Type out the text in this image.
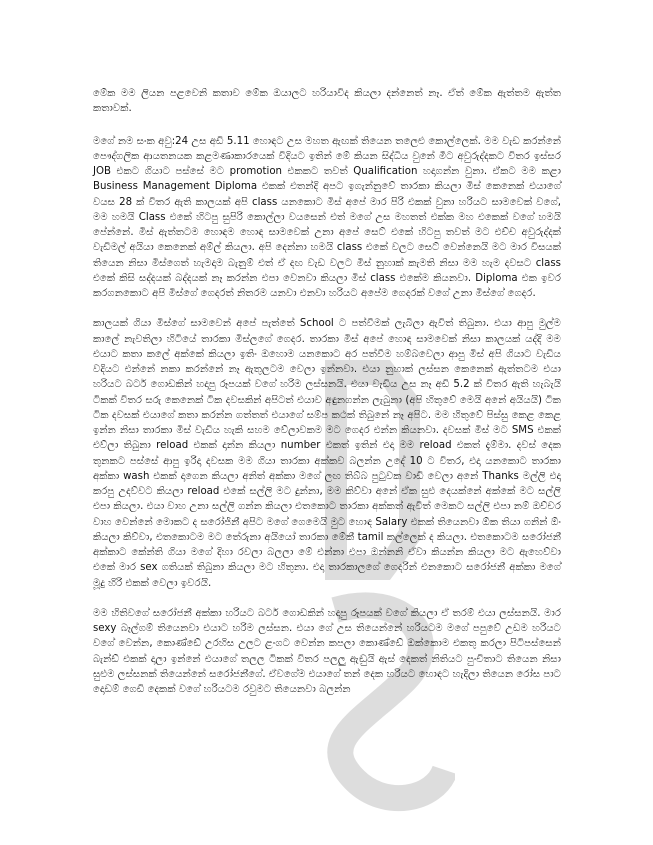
මේක මම ලියන පළවෙනි කතාව මේක ඔයාලට හරියාවිද කියලා දන්නෙත් නෑ. ඒත් මේක ඇත්තම ඇත්ත කතාවක්.

මගේ නම සංක අවු:24 උස අඩි 5.11 හොඳට උස මහත ඇඟක් තියෙන තලෙළු කොල්ලෙක්. මම වැඩ කරන්නේ පෞද්ගලික ආයතනයක කළමණාකාරයෙක් විදියට ඉතින් මේ කියන සිද්ධිය වුනේ මීට අවුරුද්දකට විතර ඉස්සර JOB එකට ගියාට පස්සේ මට promotion එකකට තවත් Qualification හදාගන්න වුනා. ඒකට මම කළා Business Management Diploma එකක් එතන්දි අපට ඉගැන්නුවේ තාරකා කියලා මිස් කෙනෙක් එයාගේ වයස 28 ක් විතර ඇති කාලයක් අපි class යනකොට මිස් අපේ මාර පිරි එකක් වුනා හරියට සාමවෙක් වගේ, මම හමයි Class එකේ හිටපු සුපිරි කොල්ලා වයසෙන් එත් මගේ උස මහතත් එක්ක මහ එකෙක් වගේ හමයි පේන්නේ. මිස් ඇත්තටම හොඳම හොඳ සාමවෙක් උනා අපේ සෙට් එකේ හිටපු තවත් මට එච්ච අවුරුද්දක් වැඩිමල් අයියා කෙනෙක් අම්ල් කියලා. අපි දෙන්නා හමයි class එකේ වලට සෙට් වෙන්නෙයි මට මාර විසයක් තියෙන නිසා මිස්ගෙත් හැමදාම බැනුම් එත් ඒ දඟ වැඩ වලට මිස් නුහාක් කැමති නිසා මම හැම දවසට class එකේ කිසි සද්දයක් බද්දයක් නෑ කරන්න එපා වෙනවා කියලා මිස් class එකේම කියනවා. Diploma එක ඉවර කරගනකොට අපි මිස්ගේ ගෙදරත් නිතරම යනවා එනවා හරියට අපේම ගෙදරක් වගේ උනා මිස්ගේ ගෙදර.

කාලයක් ගියා මිස්ගේ සාමවෙන් අපේ පැත්තේ School ට පත්වීමක් ලැබිලා ඇවිත් තිබුනා. එයා ආපු මුල්ම කාලේ නැවතිලා හිටියේ තාරකා මිස්ලගේ ගෙදර. තාරකා මිස් අපේ හොඳ සාමවෙක් නිසා කාලයක් යද්දි මම එයාට කතා කලේ අක්කේ කියලා ඉතිං ඔහොම යනකොට අර පත්වීම හම්බවෙලා ආපු මිස් අපි ගියාට වැඩිය වදියට එන්නේ නකා කරන්නේ නෑ ඇතුලටම වෙලා ඉන්නවා. එයා නුහාක් ලස්සන කෙනෙක් ඇත්තටම එයා හරියට බටර් ගොඩකින් හදාපු රූපයක් වගේ හරිම ලස්සනයි. එයා වැඩිය උස නෑ අඩි 5.2 ක් විතර ඇති හැබැයි ටිකක් විතර සරු කෙනෙක් ටික දවසකින් අපිටත් එයාව අඳුනගන්න ලැබුනා (අපි හිතුවේ මෙයි අනේ අයියයි) ටික ටික දවසක් එයාගේ කතා කරන්න ගත්තත් එයාගේ සම්ප කථක් තිබුනේ නෑ අපිට. මම හිතුවේ පිස්සු කෙළ කෙළ ඉන්න නිසා තාරකා මිස් වැඩිය හැකි සහම වේලාවකම මට ගෙදර එන්න කියනවා. දවසක් මිස් මට SMS එකක් එව්ලා තිබුනා reload එකක් දාන්න කියලා number එකත් ඉතින් එදා මම reload එකත් දැම්මා. දවස් දෙක තුනකට පස්සේ ආපු ඉරිදා දවසක මම ගියා තාරකා අක්කව බලන්න උදේ 10 ට විතර, එදා යනකොට තාරකා අක්කා wash එකක් දාගෙන කියලා අනිත් අක්කා මගේ ලඟ තිබ්බ පුටුවක වාඩි වෙලා අනේ Thanks මල්ලි එදා කරපු උදව්වට කියලා reload එකේ සල්ලි මට දුන්නා, මම කිව්වා අනේ ඒක සුළු දෙයක්නේ අක්කේ මට සල්ලි එපා කියලා. එයා වාහ උනා සල්ලි ගන්න කියලා එතකොට තාරකා අක්කත් ඇවිත් මෙකට සල්ලි එපා නම් ඔච්චර වාහ වෙන්නේ මොකට ද සරෝජිනී අපිට මගේ ගෙමෙයි මුට හොඳ Salary එකක් තියෙනවා ඕක තියා ගනින් ඕං කියලා කිව්වා, එතකොටම මට තේරුනා අයියෝ තාරකා මේකී tamil කල්ලෙක් ද කියලා. එතකොටම සරෝජනී අක්කාට කේන්ති ගියා මගේ දිහා රවලා බලලා මේ එන්නා එපා ඔන්නනි ඒවා කියන්න කියලා මට ඇහෙව්වා එකේ මාර sex ගතියක් තිබුනා කියලා මට හිතුනා. එදා තාරකාලගේ ගෙදරින් එනකොට සරෝජනී අක්කා මගේ මූදු හිරි එකක් වෙලා ඉවරයි.

මම හිතිවගේ සරෝජනී අක්කා හරියට බටර් ගොඩකින් හදාපු රූපයක් වගේ කියලා ඒ තරම් එයා ලස්සනයි. මාර sexy බෑල්ගම් තියෙනවා එයාට හරිම ලස්සන. එයා ගේ උස තියෙන්නේ හරියටම මගේ පපුවේ උඩම හරියට වගේ වෙන්න, කොණ්ඩේ උරහිස උලට ළංගට වෙන්න කපලා කොණ්ඩේ ඔක්කොම එකතු කරලා පිටිපස්සෙන් බැන්ඩ් එකක් දාලා ඉන්නේ එයාගේ තලල ටිකක් විතර පලලු ඇඬුයි ඇස් දෙකත් නිතියට පුංචිතාට තියෙන නිසා සුළුම ලස්සනක් තියෙන්නේ සරෝජනීගේ. ඒවගේම එයාගේ තන් දෙක හරියට හොඳට හැදිලා තියෙන රෝස පාට දොඩම් ගෙඩි දෙකක් වගේ හරියටම රවුමට තියෙනවා බලන්න
